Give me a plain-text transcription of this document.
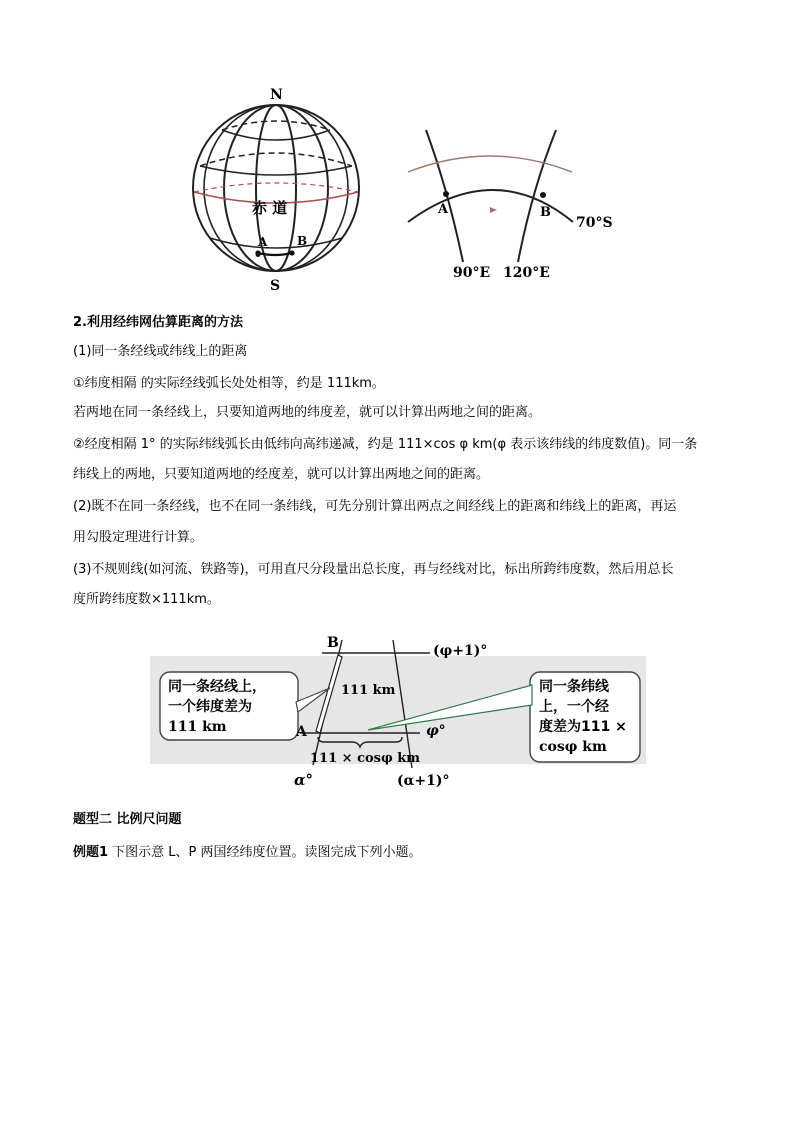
N
S
赤 道
A B
A	B
70°S
90°E 120°E
2.利用经纬网估算距离的方法
(1)同一条经线或纬线上的距离
①纬度相隔 的实际经线弧长处处相等，约是 111km。
若两地在同一条经线上，只要知道两地的纬度差，就可以计算出两地之间的距离。
②经度相隔 1° 的实际纬线弧长由低纬向高纬递减，约是 111×cos φ km(φ 表示该纬线的纬度数值)。同一条
纬线上的两地，只要知道两地的经度差，就可以计算出两地之间的距离。
(2)既不在同一条经线，也不在同一条纬线，可先分别计算出两点之间经线上的距离和纬线上的距离，再运
用勾股定理进行计算。
(3)不规则线(如河流、铁路等)，可用直尺分段量出总长度，再与经线对比，标出所跨纬度数，然后用总长
度所跨纬度数×111km。
B
A
(φ+1)°
φ°
111 km
111 × cosφ km
α°	(α+1)°
同一条经线上，
一个纬度差为
111 km
同一条纬线
上，一个经
度差为111 ×
cosφ km
题型二 比例尺问题
例题1 下图示意 L、P 两国经纬度位置。读图完成下列小题。
